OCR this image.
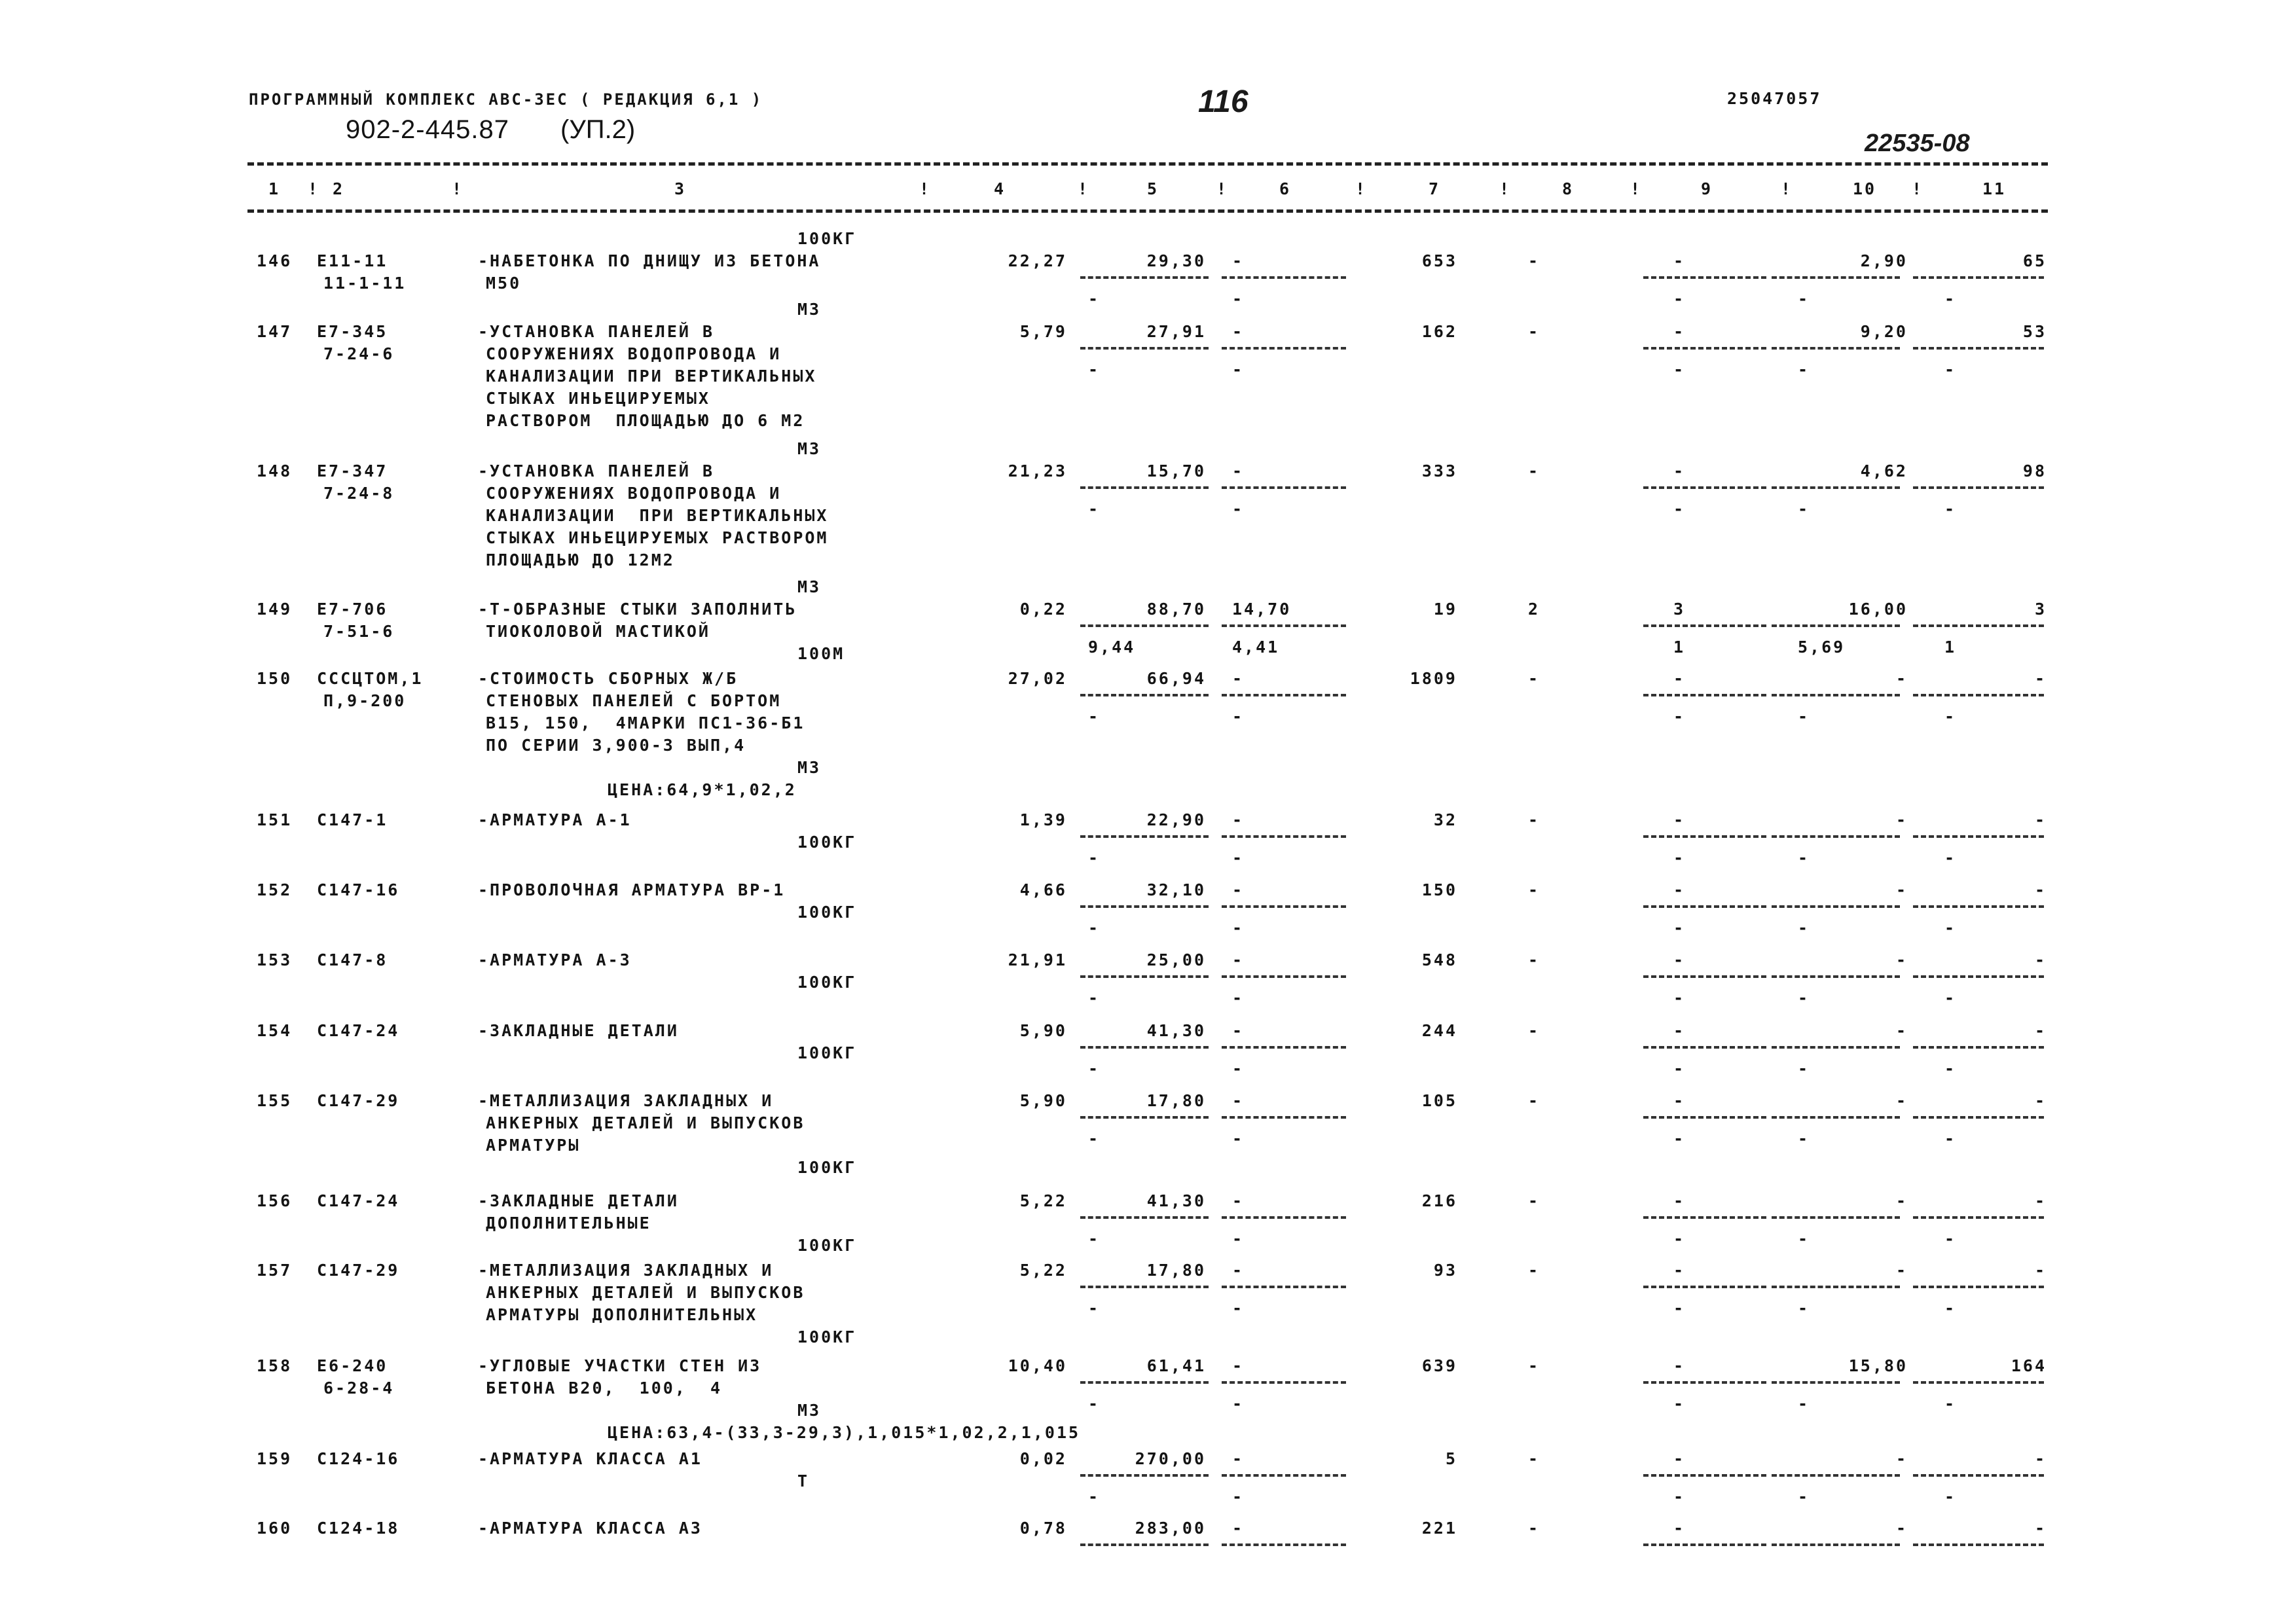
ПРОГРАММНЫЙ КОМПЛЕКС АВС-3ЕС ( РЕДАКЦИЯ 6,1 )
902-2-445.87 (УП.2)
116	25047057
22535-08
1	2	3	4	5	6	7	8	9	10	11
!	!	!	!	!	!	!	!	!	!
100КГ
146 Е11-11
11-1-11
-НАБЕТОНКА ПО ДНИЩУ ИЗ БЕТОНА
М50
22,27	29,30 -	653	-	-	2,90	65
-	-	-	-	-
М3
147 Е7-345
7-24-6
-УСТАНОВКА ПАНЕЛЕЙ В
СООРУЖЕНИЯХ ВОДОПРОВОДА И
КАНАЛИЗАЦИИ ПРИ ВЕРТИКАЛЬНЫХ
СТЫКАХ ИНЬЕЦИРУЕМЫХ
РАСТВОРОМ  ПЛОЩАДЬЮ ДО 6 М2
5,79	27,91 -	162	-	-	9,20	53
-	-	-	-	-
М3
148 Е7-347
7-24-8
-УСТАНОВКА ПАНЕЛЕЙ В
СООРУЖЕНИЯХ ВОДОПРОВОДА И
КАНАЛИЗАЦИИ  ПРИ ВЕРТИКАЛЬНЫХ
СТЫКАХ ИНЬЕЦИРУЕМЫХ РАСТВОРОМ
ПЛОЩАДЬЮ ДО 12М2
21,23	15,70 -	333	-	-	4,62	98
-	-	-	-	-
М3
149 Е7-706
7-51-6
-Т-ОБРАЗНЫЕ СТЫКИ ЗАПОЛНИТЬ
ТИОКОЛОВОЙ МАСТИКОЙ
100М
0,22	88,70 14,70	19	2	3	16,00	3
9,44	4,41	1	5,69	1
150 СССЦТОМ,1
П,9-200
-СТОИМОСТЬ СБОРНЫХ Ж/Б
СТЕНОВЫХ ПАНЕЛЕЙ С БОРТОМ
В15, 150,  4МАРКИ ПС1-36-Б1
ПО СЕРИИ 3,900-3 ВЫП,4
М3
ЦЕНА:64,9*1,02,2
27,02	66,94 -	1809	-	-	-	-
-	-	-	-	-
151 С147-1	-АРМАТУРА А-1
100КГ
1,39	22,90 -	32	-	-	-	-
-	-	-	-	-
152 С147-16	-ПРОВОЛОЧНАЯ АРМАТУРА ВР-1
100КГ
4,66	32,10 -	150	-	-	-	-
-	-	-	-	-
153 С147-8	-АРМАТУРА А-3
100КГ
21,91	25,00 -	548	-	-	-	-
-	-	-	-	-
154 С147-24	-ЗАКЛАДНЫЕ ДЕТАЛИ
100КГ
5,90	41,30 -	244	-	-	-	-
-	-	-	-	-
155 С147-29	-МЕТАЛЛИЗАЦИЯ ЗАКЛАДНЫХ И
АНКЕРНЫХ ДЕТАЛЕЙ И ВЫПУСКОВ
АРМАТУРЫ
100КГ
5,90	17,80 -	105	-	-	-	-
-	-	-	-	-
156 С147-24	-ЗАКЛАДНЫЕ ДЕТАЛИ
ДОПОЛНИТЕЛЬНЫЕ
100КГ
5,22	41,30 -	216	-	-	-	-
-	-	-	-	-
157 С147-29	-МЕТАЛЛИЗАЦИЯ ЗАКЛАДНЫХ И
АНКЕРНЫХ ДЕТАЛЕЙ И ВЫПУСКОВ
АРМАТУРЫ ДОПОЛНИТЕЛЬНЫХ
100КГ
5,22	17,80 -	93	-	-	-	-
-	-	-	-	-
158 Е6-240
6-28-4
-УГЛОВЫЕ УЧАСТКИ СТЕН ИЗ
БЕТОНА В20,  100,  4
М3
ЦЕНА:63,4-(33,3-29,3),1,015*1,02,2,1,015
10,40	61,41 -	639	-	-	15,80	164
-	-	-	-	-
159 С124-16	-АРМАТУРА КЛАССА А1
Т
0,02	270,00 -	5	-	-	-	-
-	-	-	-	-
160 С124-18	-АРМАТУРА КЛАССА А3	0,78	283,00 -	221	-	-	-	-
